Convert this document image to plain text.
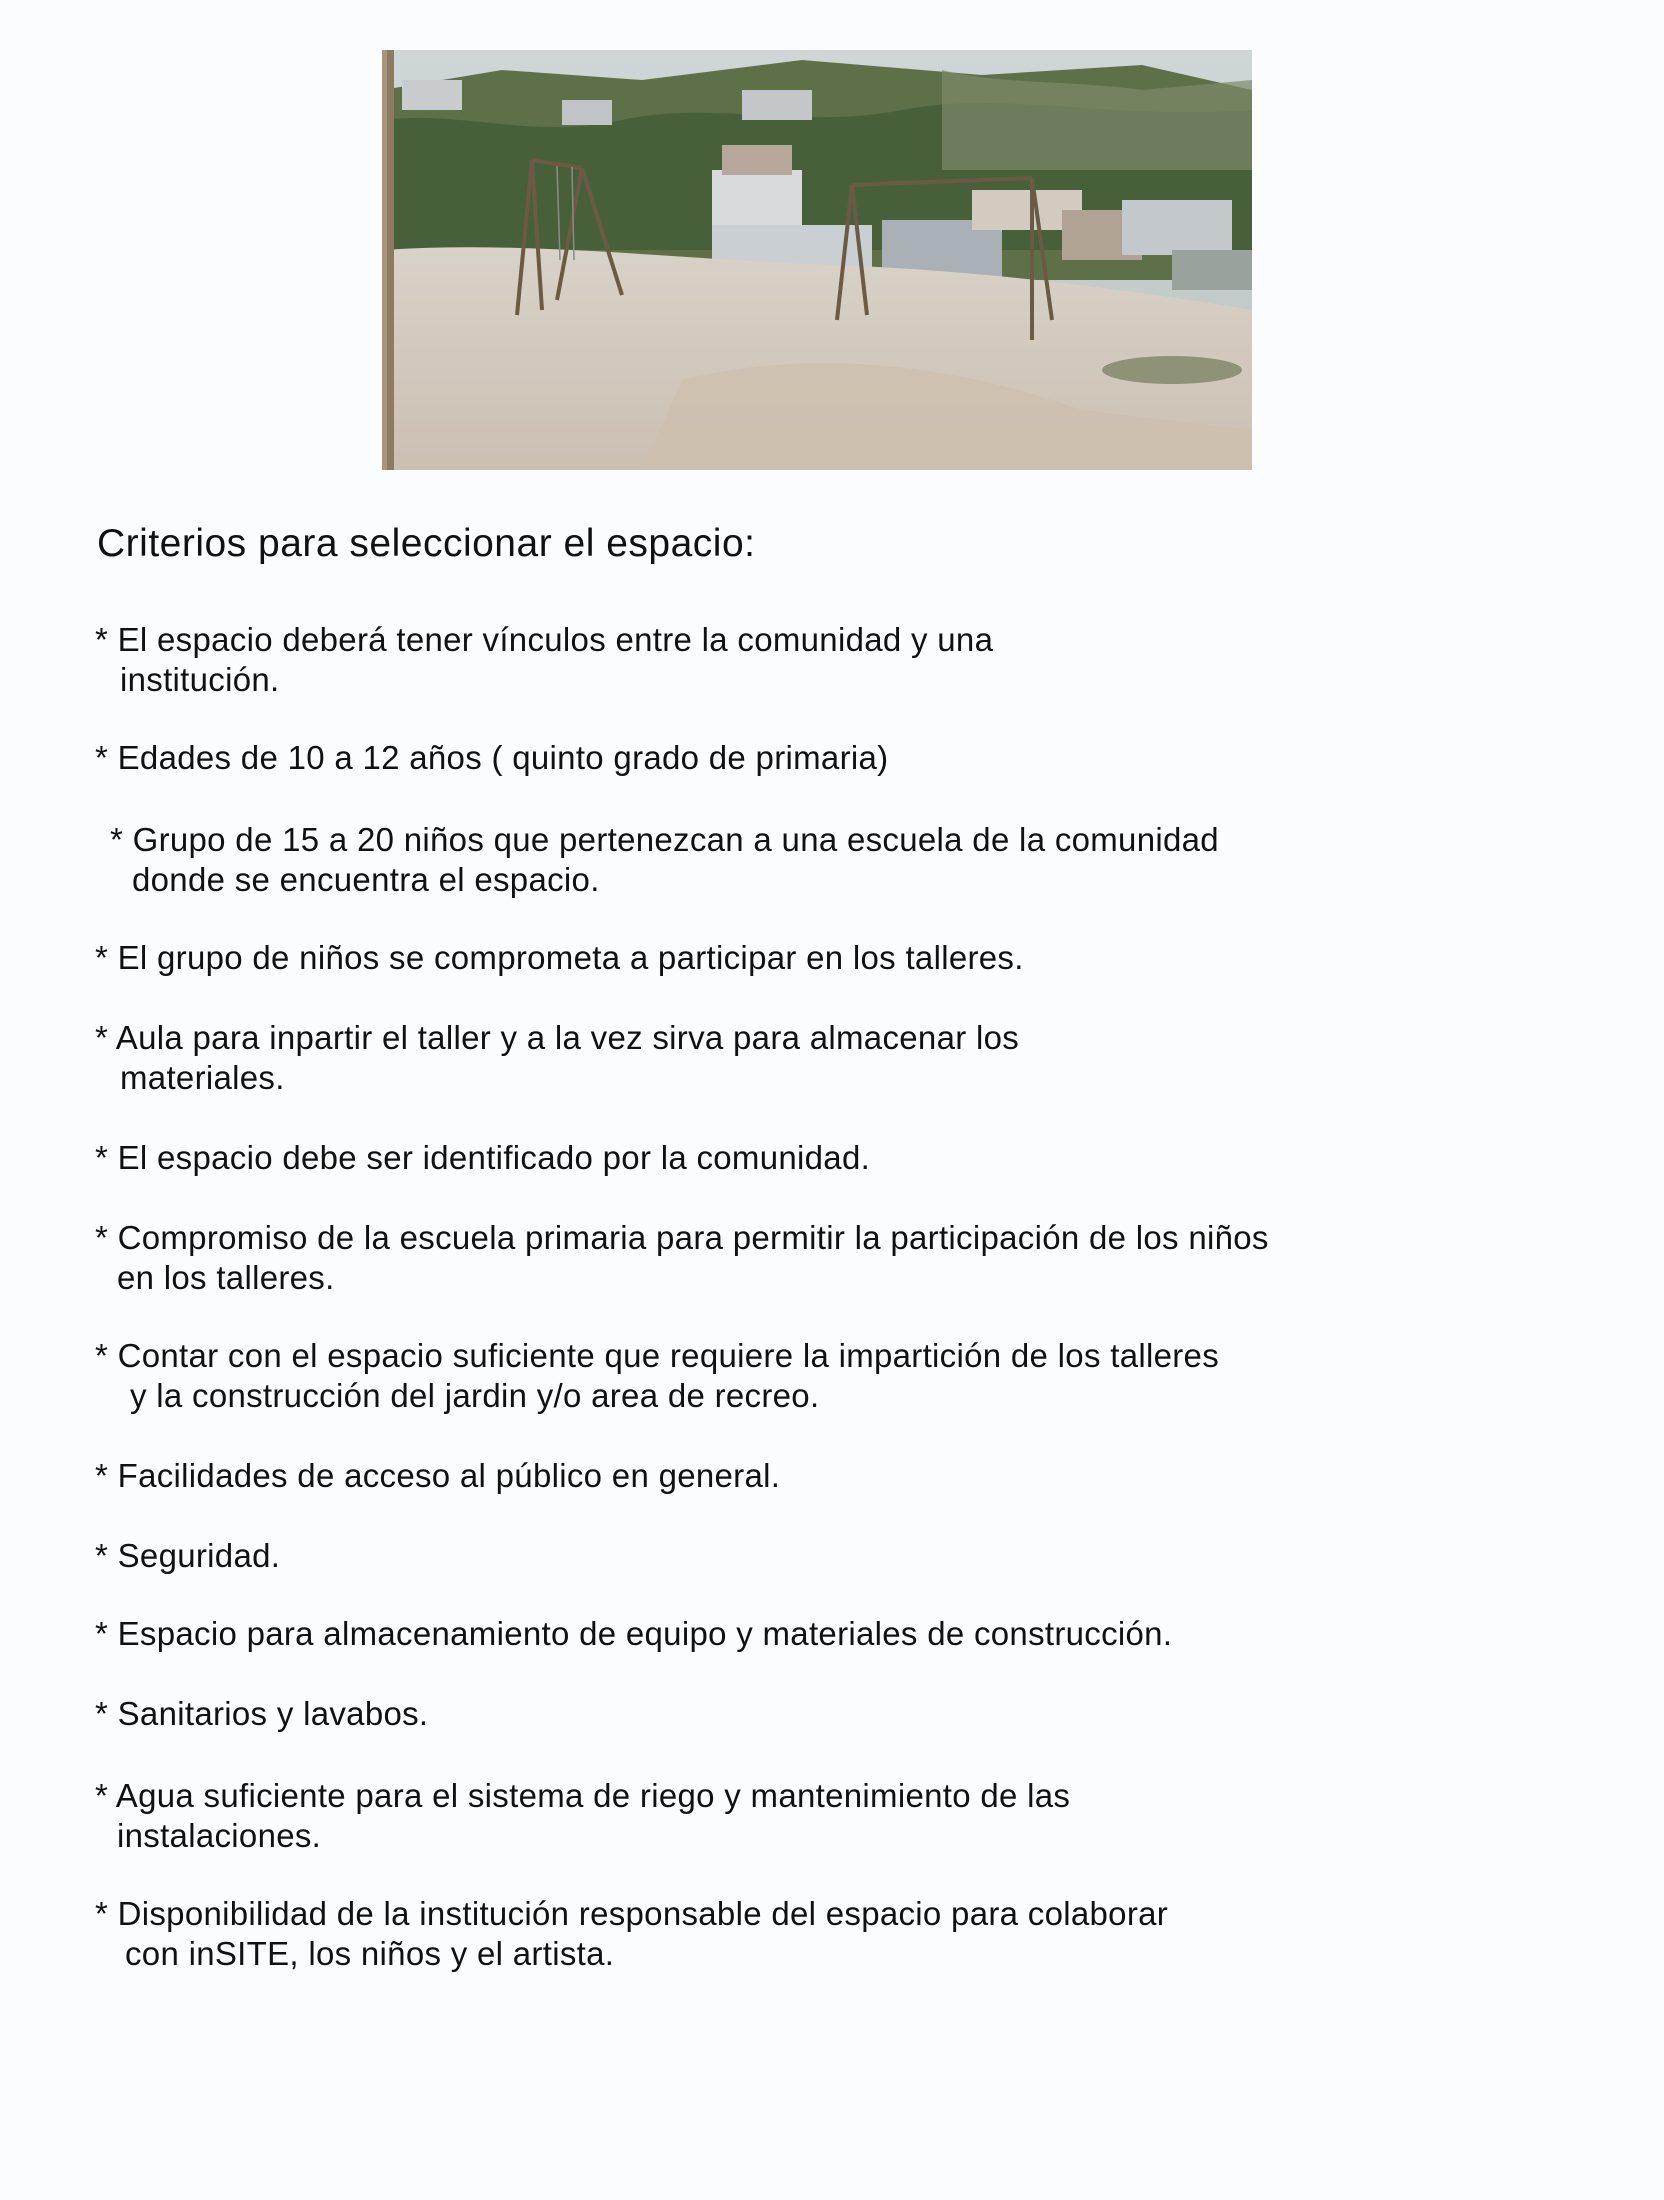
Criterios para seleccionar el espacio:

* El espacio deberá tener vínculos entre la comunidad y una
institución.

* Edades de 10 a 12 años ( quinto grado de primaria)

* Grupo de 15 a 20 niños que pertenezcan a una escuela de la comunidad
donde se encuentra el espacio.

* El grupo de niños se comprometa a participar en los talleres.

* Aula para inpartir el taller y a la vez sirva para almacenar los
materiales.

* El espacio debe ser identificado por la comunidad.

* Compromiso de la escuela primaria para permitir la participación de los niños
en los talleres.

* Contar con el espacio suficiente que requiere la impartición de los talleres
y la construcción del jardin y/o area de recreo.

* Facilidades de acceso al público en general.

* Seguridad.

* Espacio para almacenamiento de equipo y materiales de construcción.

* Sanitarios y lavabos.

* Agua suficiente para el sistema de riego y mantenimiento de las
instalaciones.

* Disponibilidad de la institución responsable del espacio para colaborar
con inSITE, los niños y el artista.
